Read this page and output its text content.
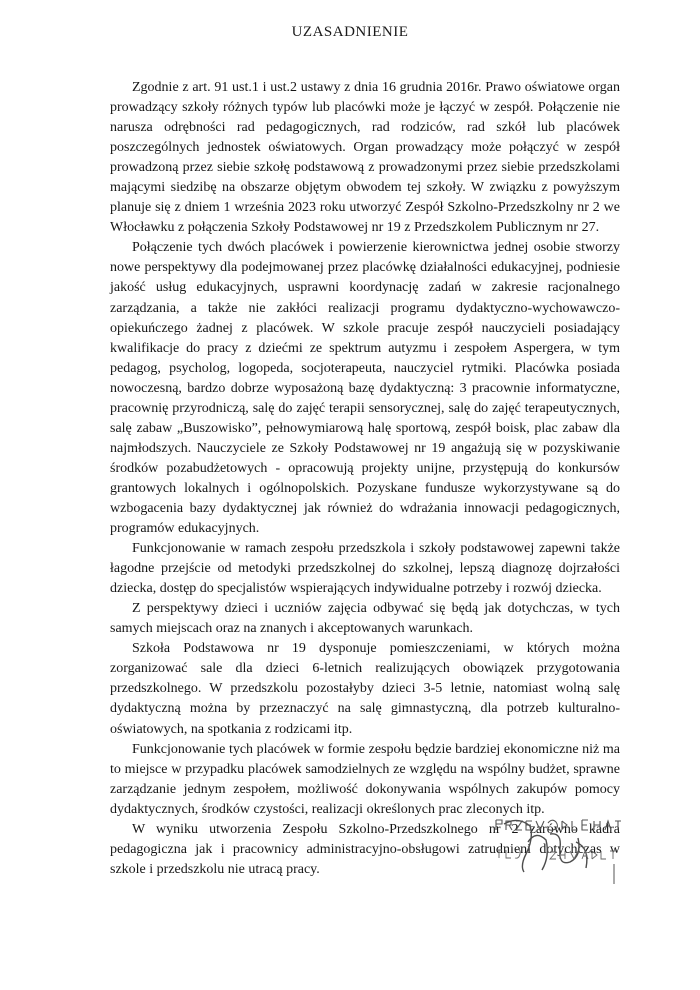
UZASADNIENIE

Zgodnie z art. 91 ust.1 i ust.2 ustawy z dnia 16 grudnia 2016r. Prawo oświatowe organ prowadzący szkoły różnych typów lub placówki może je łączyć w zespół. Połączenie nie narusza odrębności rad pedagogicznych, rad rodziców, rad szkół lub placówek poszczególnych jednostek oświatowych. Organ prowadzący może połączyć w zespół prowadzoną przez siebie szkołę podstawową z prowadzonymi przez siebie przedszkolami mającymi siedzibę na obszarze objętym obwodem tej szkoły. W związku z powyższym planuje się z dniem 1 września 2023 roku utworzyć Zespół Szkolno-Przedszkolny nr 2 we Włocławku z połączenia Szkoły Podstawowej nr 19 z Przedszkolem Publicznym nr 27.

Połączenie tych dwóch placówek i powierzenie kierownictwa jednej osobie stworzy nowe perspektywy dla podejmowanej przez placówkę działalności edukacyjnej, podniesie jakość usług edukacyjnych, usprawni koordynację zadań w zakresie racjonalnego zarządzania, a także nie zakłóci realizacji programu dydaktyczno-wychowawczo-opiekuńczego żadnej z placówek. W szkole pracuje zespół nauczycieli posiadający kwalifikacje do pracy z dziećmi ze spektrum autyzmu i zespołem Aspergera, w tym pedagog, psycholog, logopeda, socjoterapeuta, nauczyciel rytmiki. Placówka posiada nowoczesną, bardzo dobrze wyposażoną bazę dydaktyczną: 3 pracownie informatyczne, pracownię przyrodniczą, salę do zajęć terapii sensorycznej, salę do zajęć terapeutycznych, salę zabaw „Buszowisko”, pełnowymiarową halę sportową, zespół boisk, plac zabaw dla najmłodszych. Nauczyciele ze Szkoły Podstawowej nr 19 angażują się w pozyskiwanie środków pozabudżetowych - opracowują projekty unijne, przystępują do konkursów grantowych lokalnych i ogólnopolskich. Pozyskane fundusze wykorzystywane są do wzbogacenia bazy dydaktycznej jak również do wdrażania innowacji pedagogicznych, programów edukacyjnych.

Funkcjonowanie w ramach zespołu przedszkola i szkoły podstawowej zapewni także łagodne przejście od metodyki przedszkolnej do szkolnej, lepszą diagnozę dojrzałości dziecka, dostęp do specjalistów wspierających indywidualne potrzeby i rozwój dziecka.

Z perspektywy dzieci i uczniów zajęcia odbywać się będą jak dotychczas, w tych samych miejscach oraz na znanych i akceptowanych warunkach.

Szkoła Podstawowa nr 19 dysponuje pomieszczeniami, w których można zorganizować sale dla dzieci 6-letnich realizujących obowiązek przygotowania przedszkolnego. W przedszkolu pozostałyby dzieci 3-5 letnie, natomiast wolną salę dydaktyczną można by przeznaczyć na salę gimnastyczną, dla potrzeb kulturalno-oświatowych, na spotkania z rodzicami itp.

Funkcjonowanie tych placówek w formie zespołu będzie bardziej ekonomiczne niż ma to miejsce w przypadku placówek samodzielnych ze względu na wspólny budżet, sprawne zarządzanie jednym zespołem, możliwość dokonywania wspólnych zakupów pomocy dydaktycznych, środków czystości, realizacji określonych prac zleconych itp.

W wyniku utworzenia Zespołu Szkolno-Przedszkolnego nr 2 zarówno kadra pedagogiczna jak i pracownicy administracyjno-obsługowi zatrudnieni dotychczas w szkole i przedszkolu nie utracą pracy.
